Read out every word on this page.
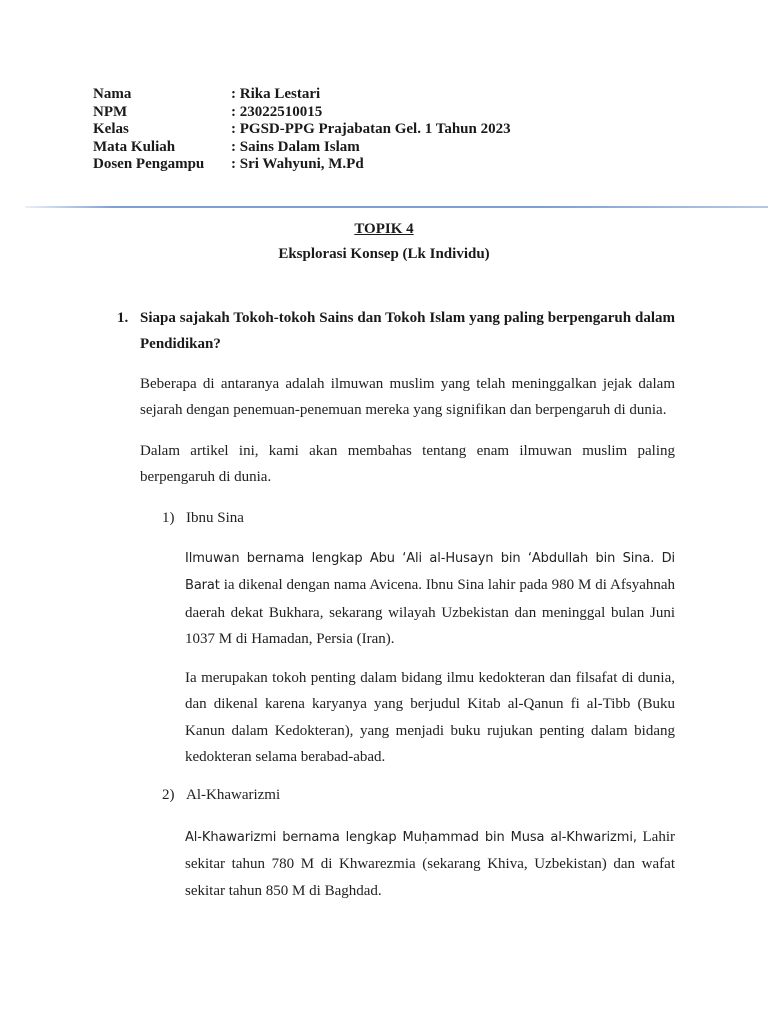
Nama	: Rika Lestari
NPM	: 23022510015
Kelas	: PGSD-PPG Prajabatan Gel. 1 Tahun 2023
Mata Kuliah	: Sains Dalam Islam
Dosen Pengampu	: Sri Wahyuni, M.Pd
TOPIK 4
Eksplorasi Konsep (Lk Individu)
1. Siapa sajakah Tokoh-tokoh Sains dan Tokoh Islam yang paling berpengaruh dalam Pendidikan?
Beberapa di antaranya adalah ilmuwan muslim yang telah meninggalkan jejak dalam sejarah dengan penemuan-penemuan mereka yang signifikan dan berpengaruh di dunia.
Dalam artikel ini, kami akan membahas tentang enam ilmuwan muslim paling berpengaruh di dunia.
1) Ibnu Sina
Ilmuwan bernama lengkap Abu ‘Ali al-Husayn bin ‘Abdullah bin Sina. Di Barat ia dikenal dengan nama Avicena. Ibnu Sina lahir pada 980 M di Afsyahnah daerah dekat Bukhara, sekarang wilayah Uzbekistan dan meninggal bulan Juni 1037 M di Hamadan, Persia (Iran).
Ia merupakan tokoh penting dalam bidang ilmu kedokteran dan filsafat di dunia, dan dikenal karena karyanya yang berjudul Kitab al-Qanun fi al-Tibb (Buku Kanun dalam Kedokteran), yang menjadi buku rujukan penting dalam bidang kedokteran selama berabad-abad.
2) Al-Khawarizmi
Al-Khawarizmi bernama lengkap Muḥammad bin Musa al-Khwarizmi, Lahir sekitar tahun 780 M di Khwarezmia (sekarang Khiva, Uzbekistan) dan wafat sekitar tahun 850 M di Baghdad.
